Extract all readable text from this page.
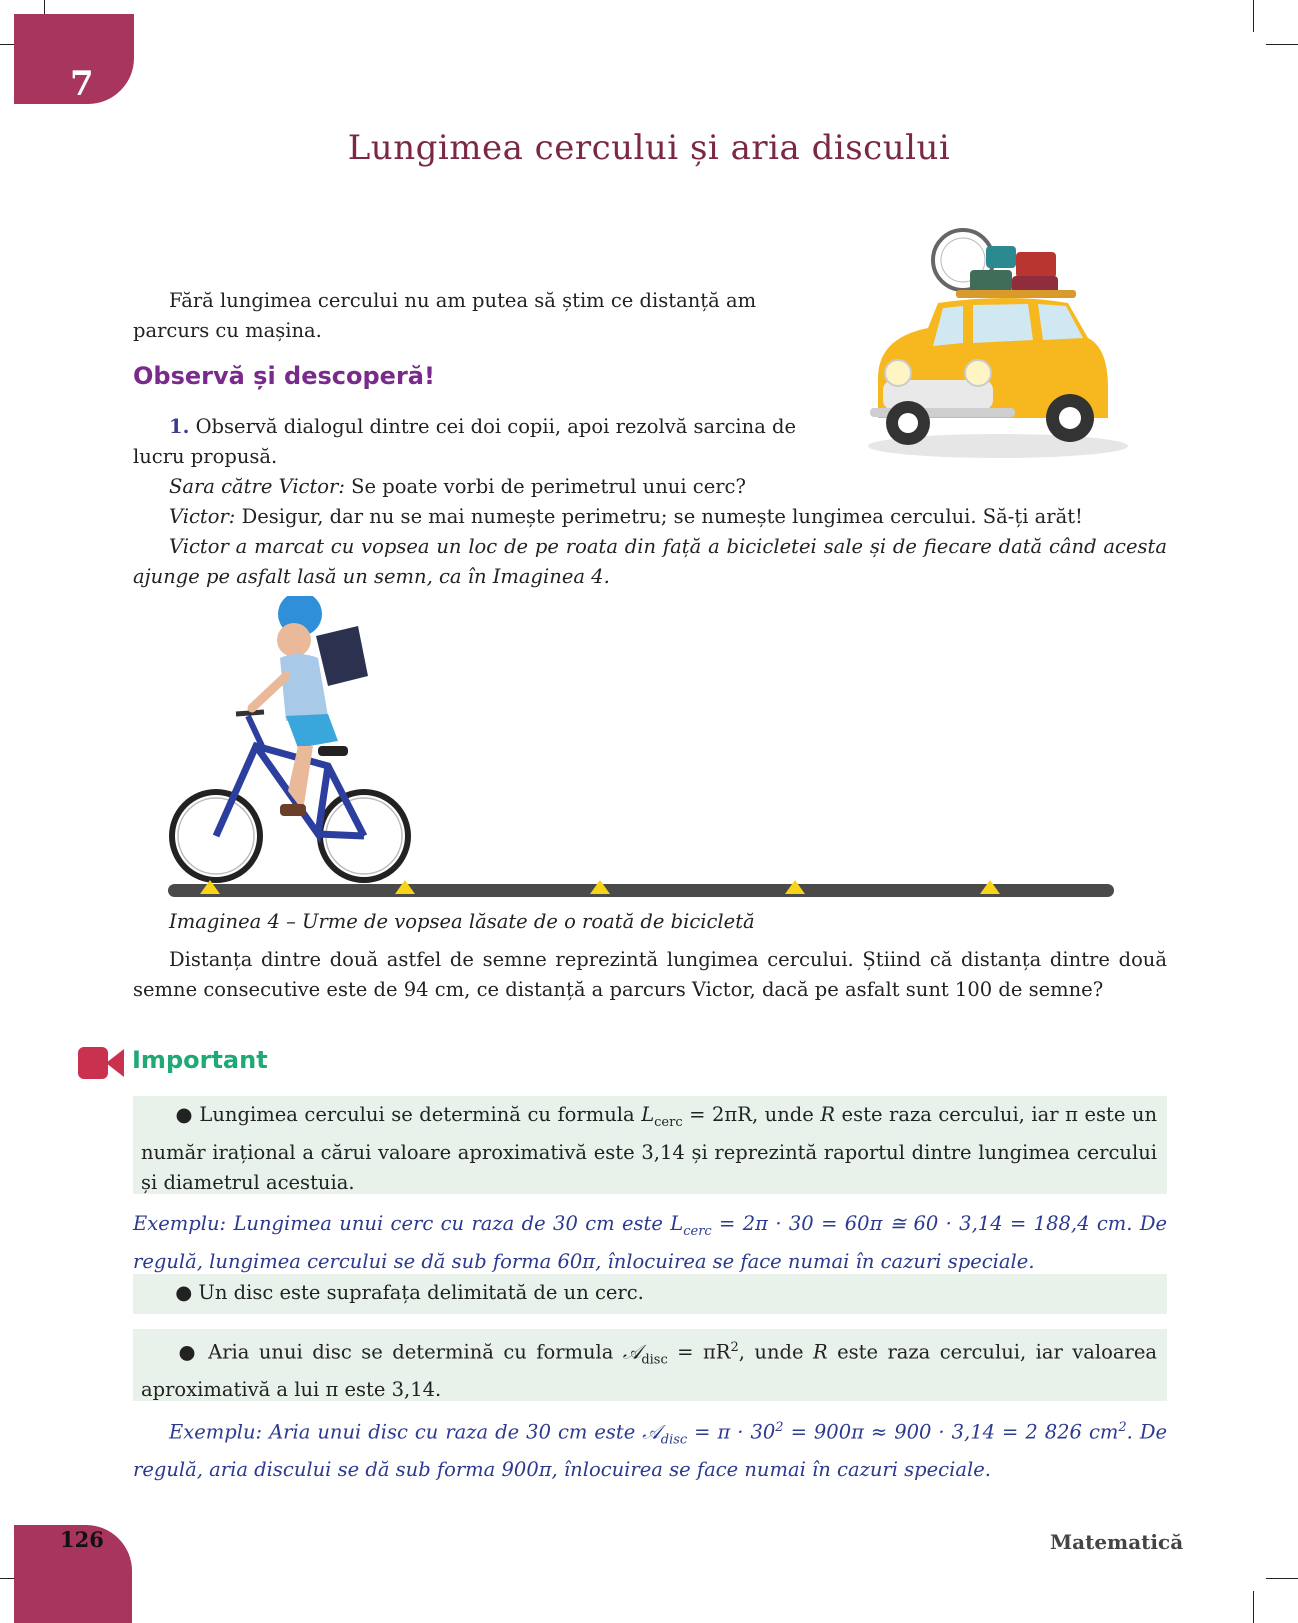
7
Lungimea cercului și aria discului
Fără lungimea cercului nu am putea să știm ce distanță am parcurs cu mașina.
Observă și descoperă!
1. Observă dialogul dintre cei doi copii, apoi rezolvă sarcina de lucru propusă.
Sara către Victor: Se poate vorbi de perimetrul unui cerc?
Victor: Desigur, dar nu se mai numește perimetru; se numește lungimea cercului. Să-ți arăt!
Victor a marcat cu vopsea un loc de pe roata din față a bicicletei sale și de fiecare dată când acesta ajunge pe asfalt lasă un semn, ca în Imaginea 4.
Imaginea 4 – Urme de vopsea lăsate de o roată de bicicletă
Distanța dintre două astfel de semne reprezintă lungimea cercului. Știind că distanța dintre două semne consecutive este de 94 cm, ce distanță a parcurs Victor, dacă pe asfalt sunt 100 de semne?
Important
● Lungimea cercului se determină cu formula $L_{cerc} = 2\pi R$, unde R este raza cercului, iar π este un număr irațional a cărui valoare aproximativă este 3,14 și reprezintă raportul dintre lungimea cercului și diametrul acestuia.
Exemplu: Lungimea unui cerc cu raza de 30 cm este $L_{cerc} = 2\pi \cdot 30 = 60\pi$ ≅ 60 · 3,14 = 188,4 cm. De regulă, lungimea cercului se dă sub forma 60π, înlocuirea se face numai în cazuri speciale.
● Un disc este suprafața delimitată de un cerc.
● Aria unui disc se determină cu formula 𝒜$_{disc}$ = $\pi R^2$, unde R este raza cercului, iar valoarea aproximativă a lui π este 3,14.
Exemplu: Aria unui disc cu raza de 30 cm este 𝒜$_{disc}$ = $\pi \cdot 30^2 = 900\pi \approx 900 \cdot 3,14 = 2$ 826 $cm^2$. De regulă, aria discului se dă sub forma 900π, înlocuirea se face numai în cazuri speciale.
126	Matematică
